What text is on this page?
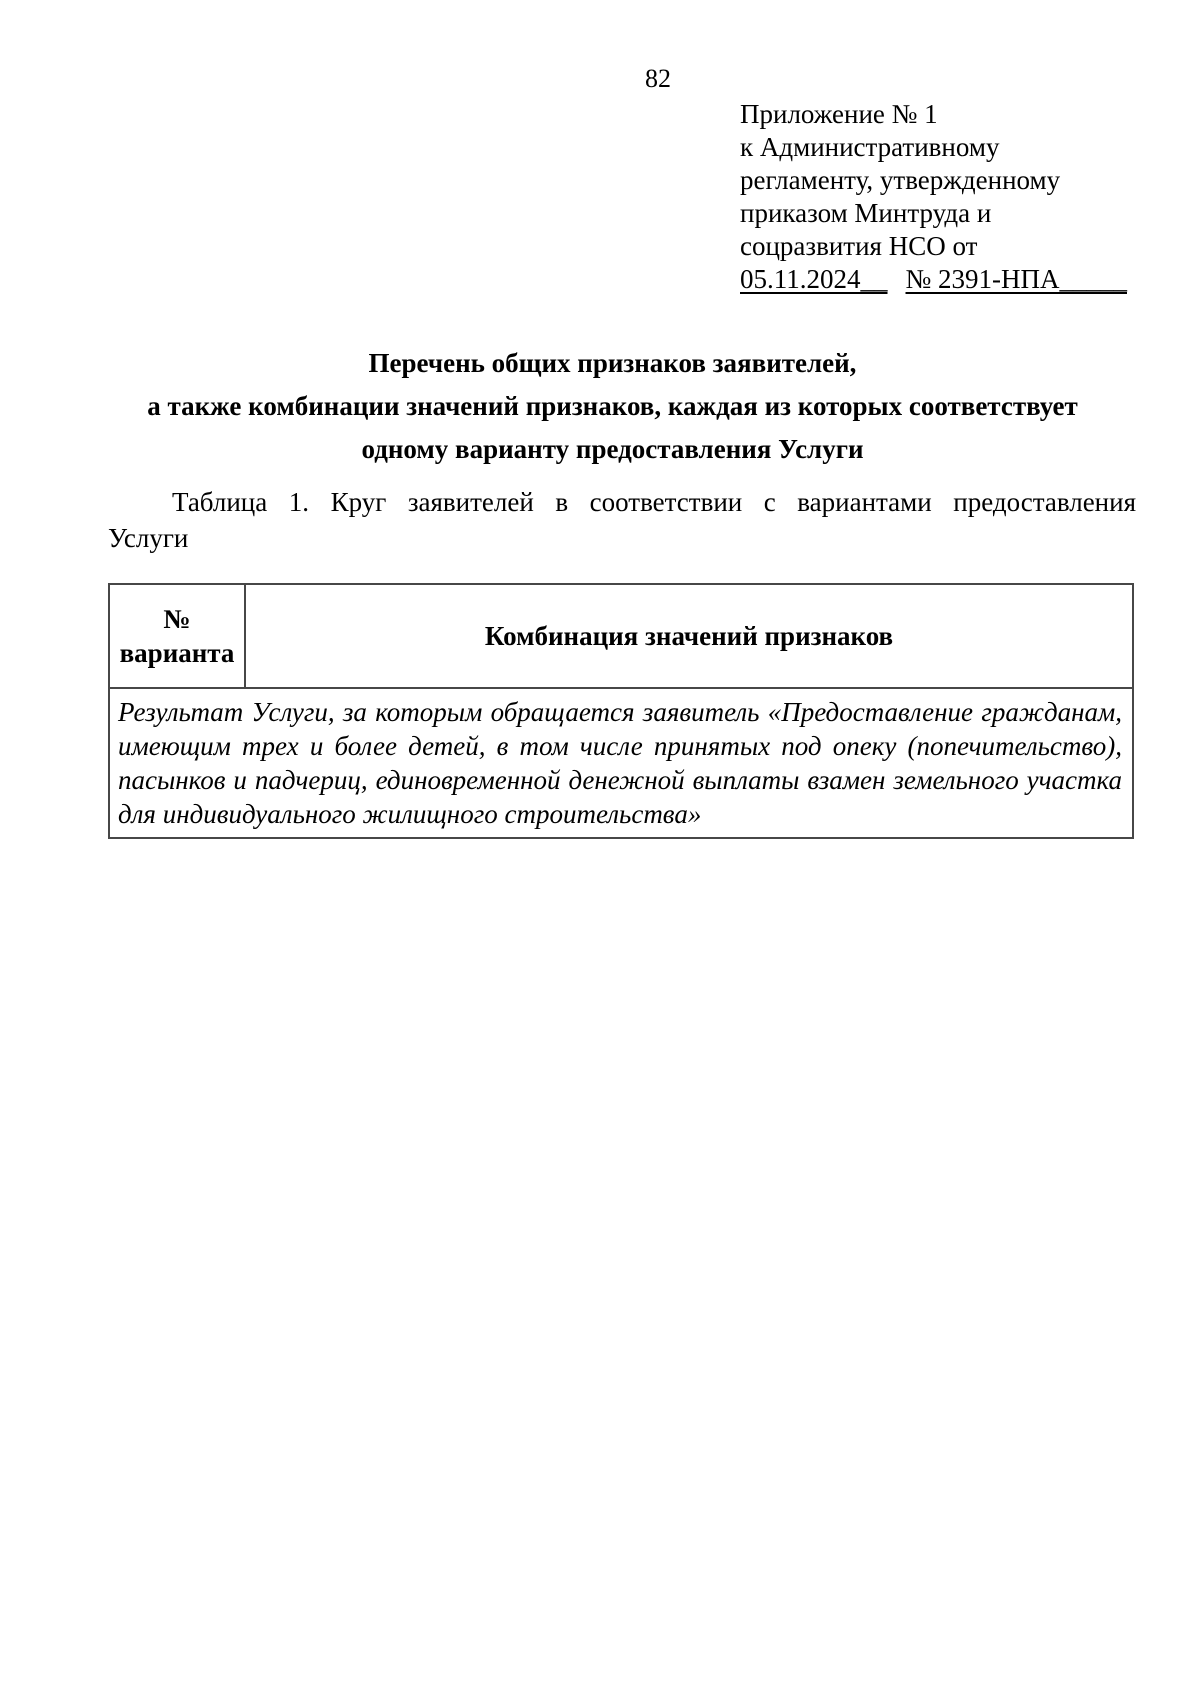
82
Приложение № 1
к Административному
регламенту, утвержденному
приказом Минтруда и
соцразвития НСО от
05.11.2024__ № 2391-НПА_____
Перечень общих признаков заявителей,
а также комбинации значений признаков, каждая из которых соответствует
одному варианту предоставления Услуги
Таблица 1. Круг заявителей в соответствии с вариантами предоставления
Услуги
№ варианта	Комбинация значений признаков
Результат Услуги, за которым обращается заявитель «Предоставление гражданам, имеющим трех и более детей, в том числе принятых под опеку (попечительство), пасынков и падчериц, единовременной денежной выплаты взамен земельного участка для индивидуального жилищного строительства»
